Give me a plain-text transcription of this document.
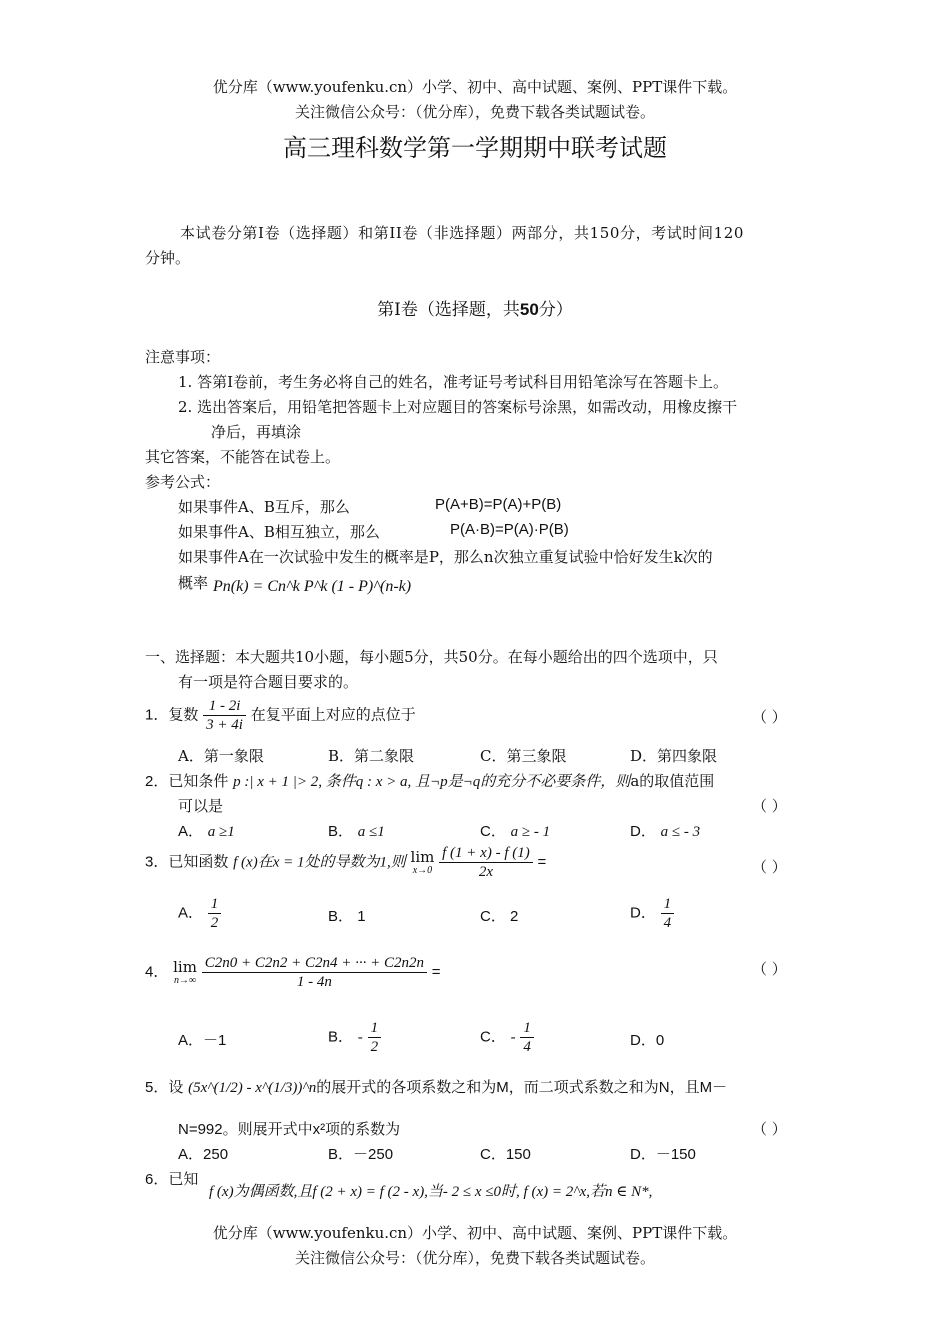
优分库（www.youfenku.cn）小学、初中、高中试题、案例、PPT课件下载。
关注微信公众号：（优分库），免费下载各类试题试卷。
高三理科数学第一学期期中联考试题
本试卷分第Ⅰ卷（选择题）和第II卷（非选择题）两部分，共150分，考试时间120
分钟。
第Ⅰ卷（选择题，共50分）
注意事项：
1. 答第Ⅰ卷前，考生务必将自己的姓名，准考证号考试科目用铅笔涂写在答题卡上。
2. 选出答案后，用铅笔把答题卡上对应题目的答案标号涂黑，如需改动，用橡皮擦干
净后，再填涂
其它答案，不能答在试卷上。
参考公式：
如果事件A、B互斥，那么	P(A+B)=P(A)+P(B)
如果事件A、B相互独立，那么	P(A·B)=P(A)·P(B)
如果事件A在一次试验中发生的概率是P，那么n次独立重复试验中恰好发生k次的
概率 Pn(k) = Cn^k P^k (1 - P)^(n-k)
一、选择题：本大题共10小题，每小题5分，共50分。在每小题给出的四个选项中，只
有一项是符合题目要求的。
1．复数 $\frac{1 - 2i}{3 + 4i}$ 在复平面上对应的点位于	（ ）
A．第一象限	B．第二象限	C．第三象限	D．第四象限
2．已知条件 p :| x + 1 |> 2, 条件q : x > a, 且¬p是¬q的充分不必要条件，则a的取值范围
可以是	（ ）
A． a ≥1	B． a ≤1	C． a ≥ - 1	D． a ≤ - 3
3．已知函数 f (x)在x = 1处的导数为1,则 lim
x→0
$\frac{f (1 + x) - f (1)}{2x}$ =	（ ）
A． $\frac{1}{2}$	B． 1	C． 2	D． $\frac{1}{4}$
4． lim
n→∞
$\frac{C2n0 + C2n2 + C2n4 + \cdot\cdot\cdot + C2n2n}{1 - 4n}$ =	（ ）
A．－1	B． - $\frac{1}{2}$	C． - $\frac{1}{4}$	D．0
5．设 (5x^(1/2) - x^(1/3))^n的展开式的各项系数之和为M，而二项式系数之和为N，且M－
N=992。则展开式中x²项的系数为	（ ）
A．250	B．－250	C．150	D．－150
6．已知
f (x)为偶函数,且f (2 + x) = f (2 - x),当- 2 ≤ x ≤0时, f (x) = 2^x,若n ∈ N*,
优分库（www.youfenku.cn）小学、初中、高中试题、案例、PPT课件下载。
关注微信公众号：（优分库），免费下载各类试题试卷。
